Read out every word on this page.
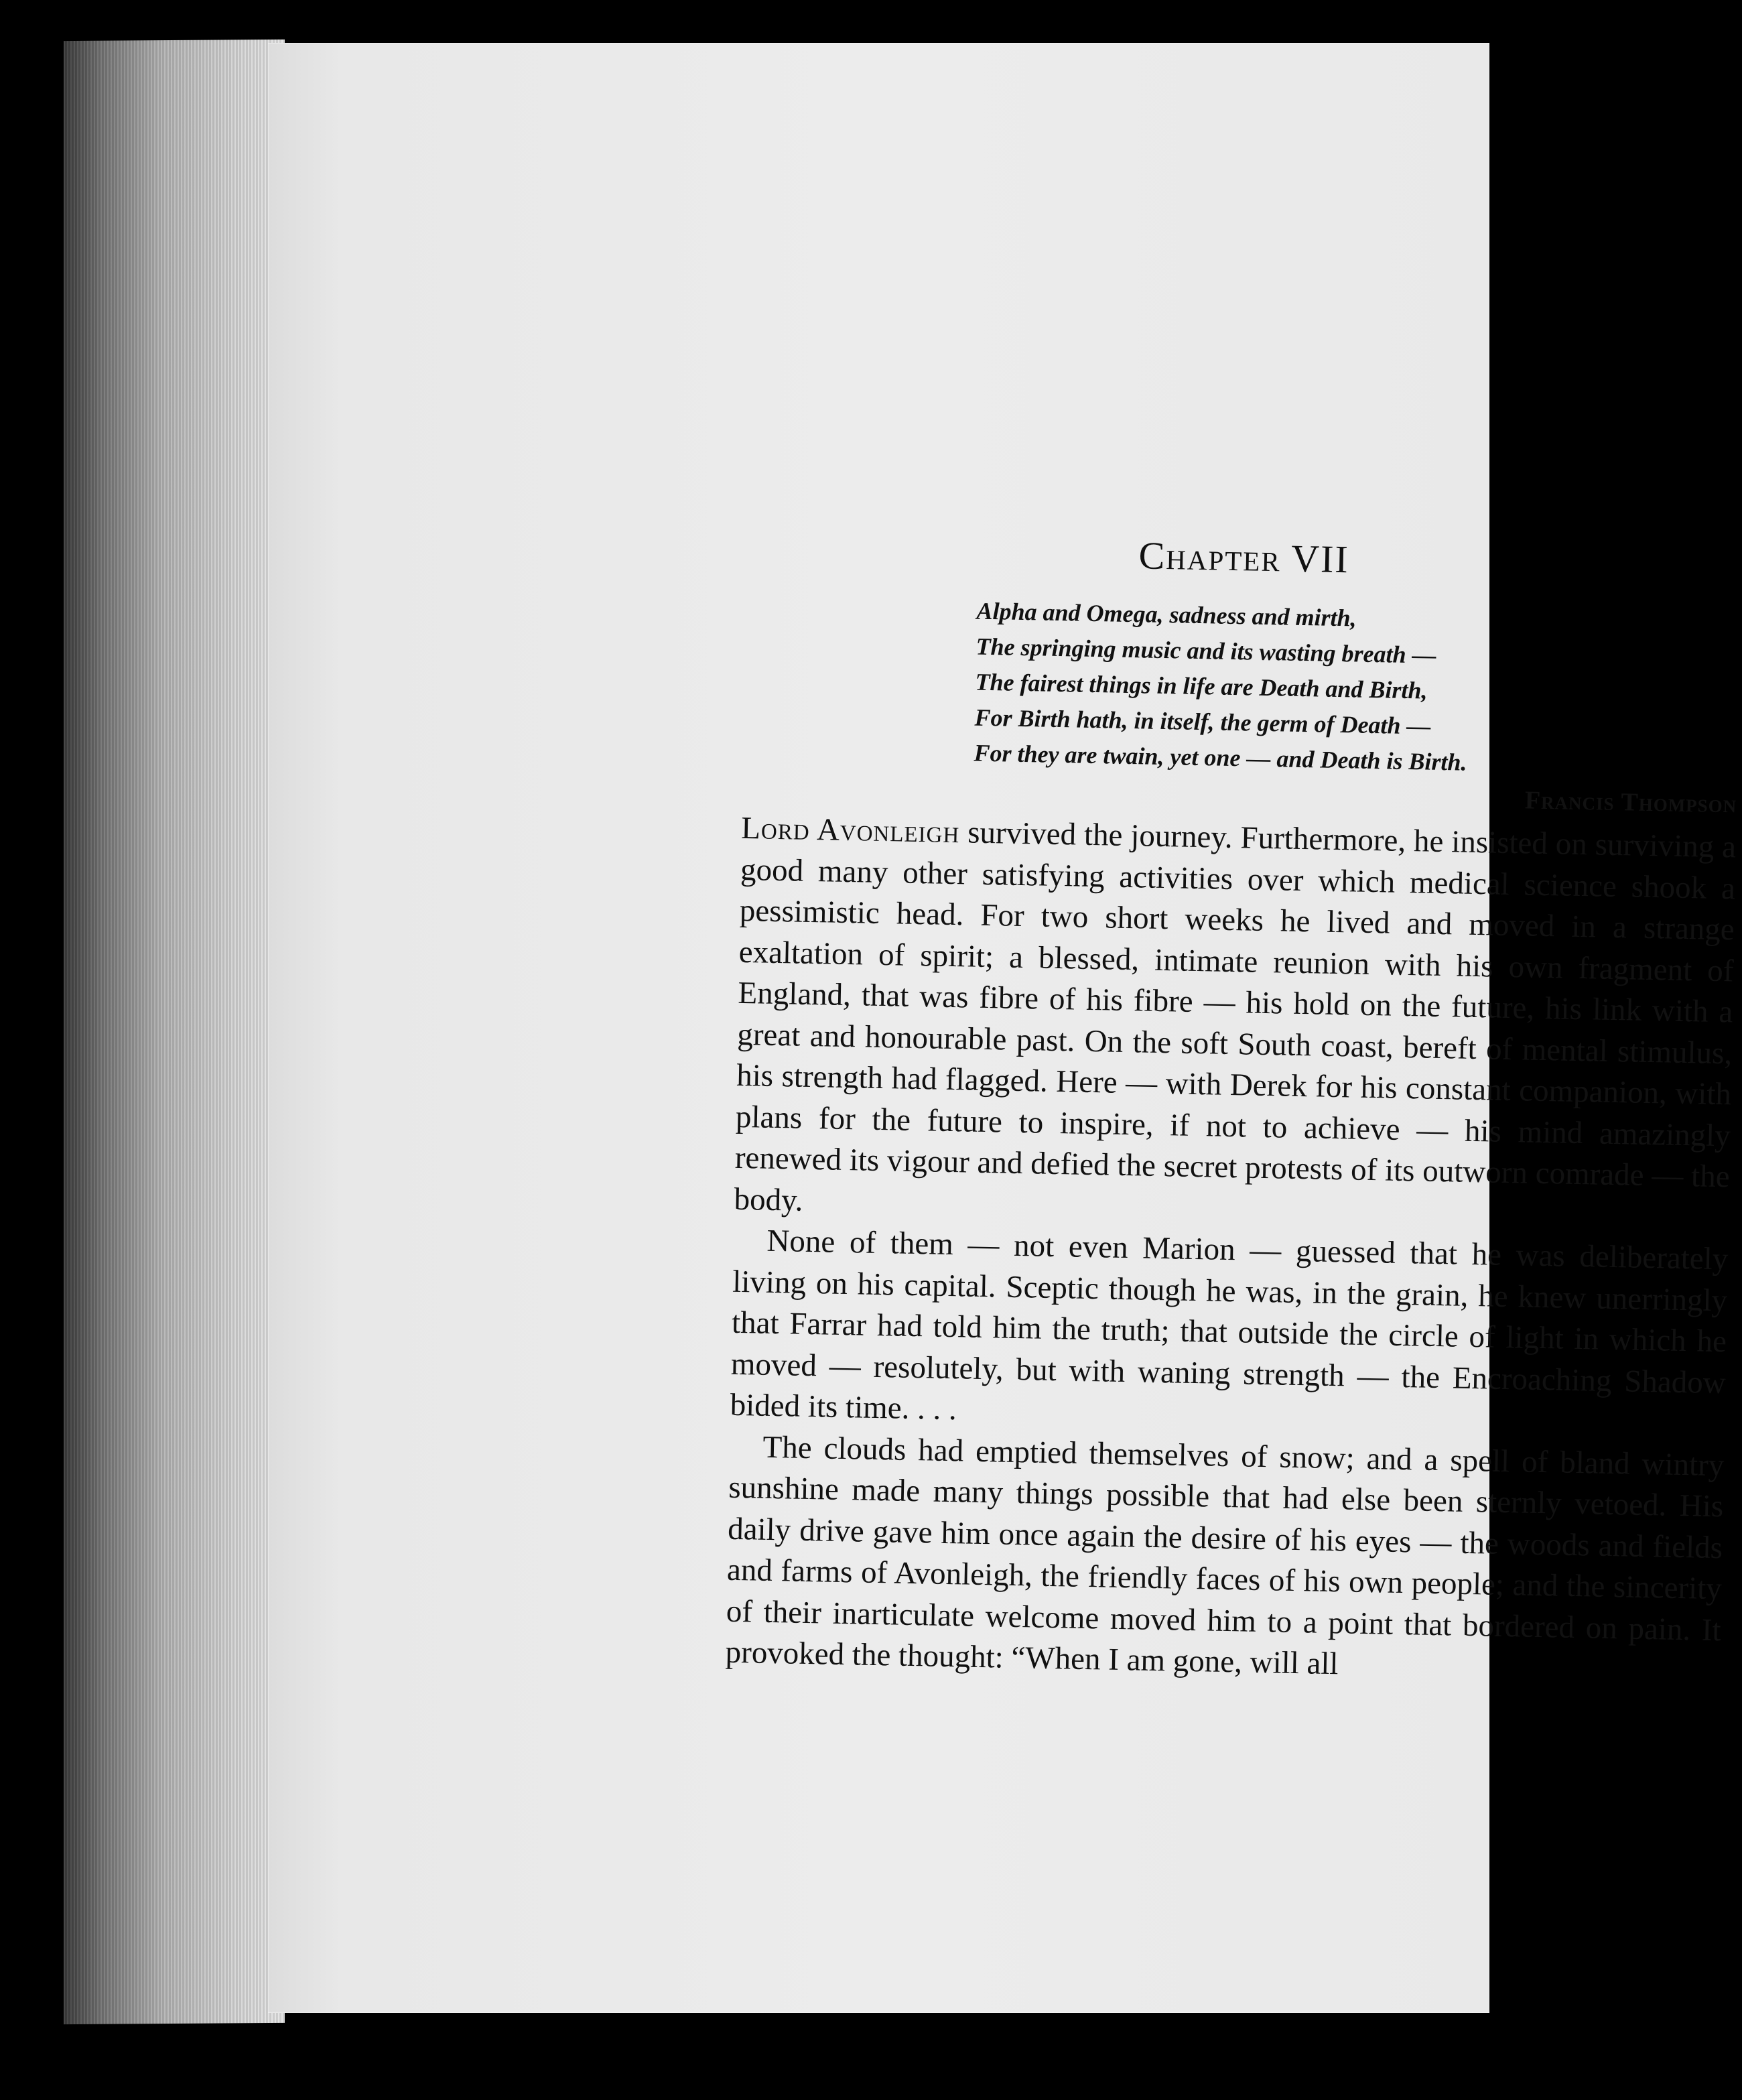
Chapter VII
Alpha and Omega, sadness and mirth,
The springing music and its wasting breath —
The fairest things in life are Death and Birth,
For Birth hath, in itself, the germ of Death —
For they are twain, yet one — and Death is Birth.
Francis Thompson

Lord Avonleigh survived the journey. Furthermore, he insisted on surviving a good many other satisfying activities over which medical science shook a pessimistic head. For two short weeks he lived and moved in a strange exaltation of spirit; a blessed, intimate reunion with his own fragment of England, that was fibre of his fibre — his hold on the future, his link with a great and honourable past. On the soft South coast, bereft of mental stimulus, his strength had flagged. Here — with Derek for his constant companion, with plans for the future to inspire, if not to achieve — his mind amazingly renewed its vigour and defied the secret protests of its outworn comrade — the body.

None of them — not even Marion — guessed that he was deliberately living on his capital. Sceptic though he was, in the grain, he knew unerringly that Farrar had told him the truth; that outside the circle of light in which he moved — resolutely, but with waning strength — the Encroaching Shadow bided its time. . . .

The clouds had emptied themselves of snow; and a spell of bland wintry sunshine made many things possible that had else been sternly vetoed. His daily drive gave him once again the desire of his eyes — the woods and fields and farms of Avonleigh, the friendly faces of his own people; and the sincerity of their inarticulate welcome moved him to a point that bordered on pain. It provoked the thought: “When I am gone, will all
